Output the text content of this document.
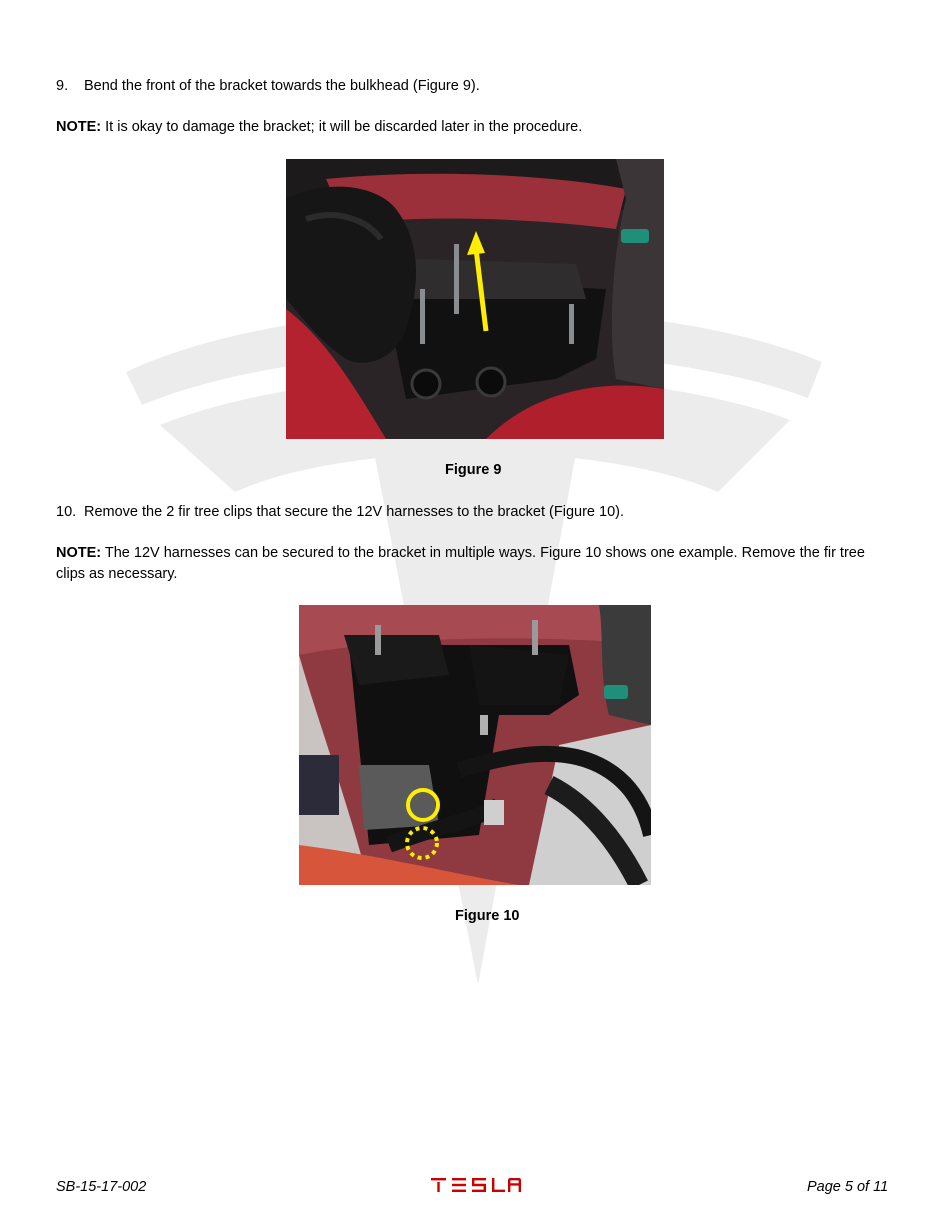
9. Bend the front of the bracket towards the bulkhead (Figure 9).
NOTE: It is okay to damage the bracket; it will be discarded later in the procedure.
Figure 9
10. Remove the 2 fir tree clips that secure the 12V harnesses to the bracket (Figure 10).
NOTE: The 12V harnesses can be secured to the bracket in multiple ways. Figure 10 shows one example. Remove the fir tree clips as necessary.
Figure 10
SB-15-17-002	Page 5 of 11
